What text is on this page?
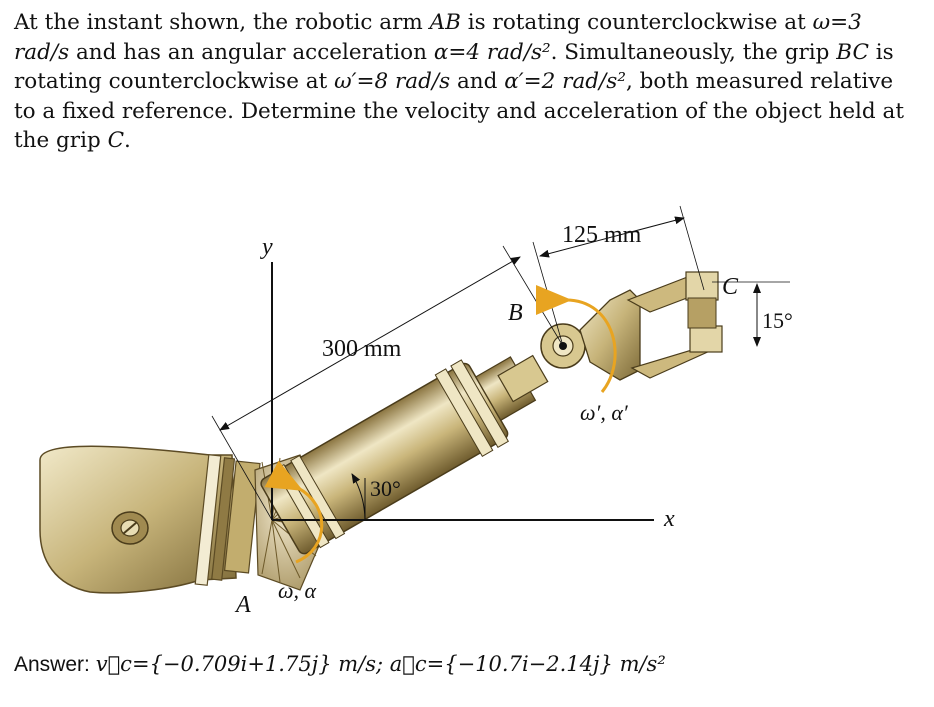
At the instant shown, the robotic arm AB is rotating counterclockwise at ω=3 rad/s and has an angular acceleration α=4 rad/s². Simultaneously, the grip BC is rotating counterclockwise at ω′=8 rad/s and α′=2 rad/s², both measured relative to a fixed reference. Determine the velocity and acceleration of the object held at the grip C.
y
x
A
B
C
300 mm
125 mm
30°
15°
ω, α
ω′, α′
Answer: v⃗c={−0.709i+1.75j} m/s; a⃗c={−10.7i−2.14j} m/s²
